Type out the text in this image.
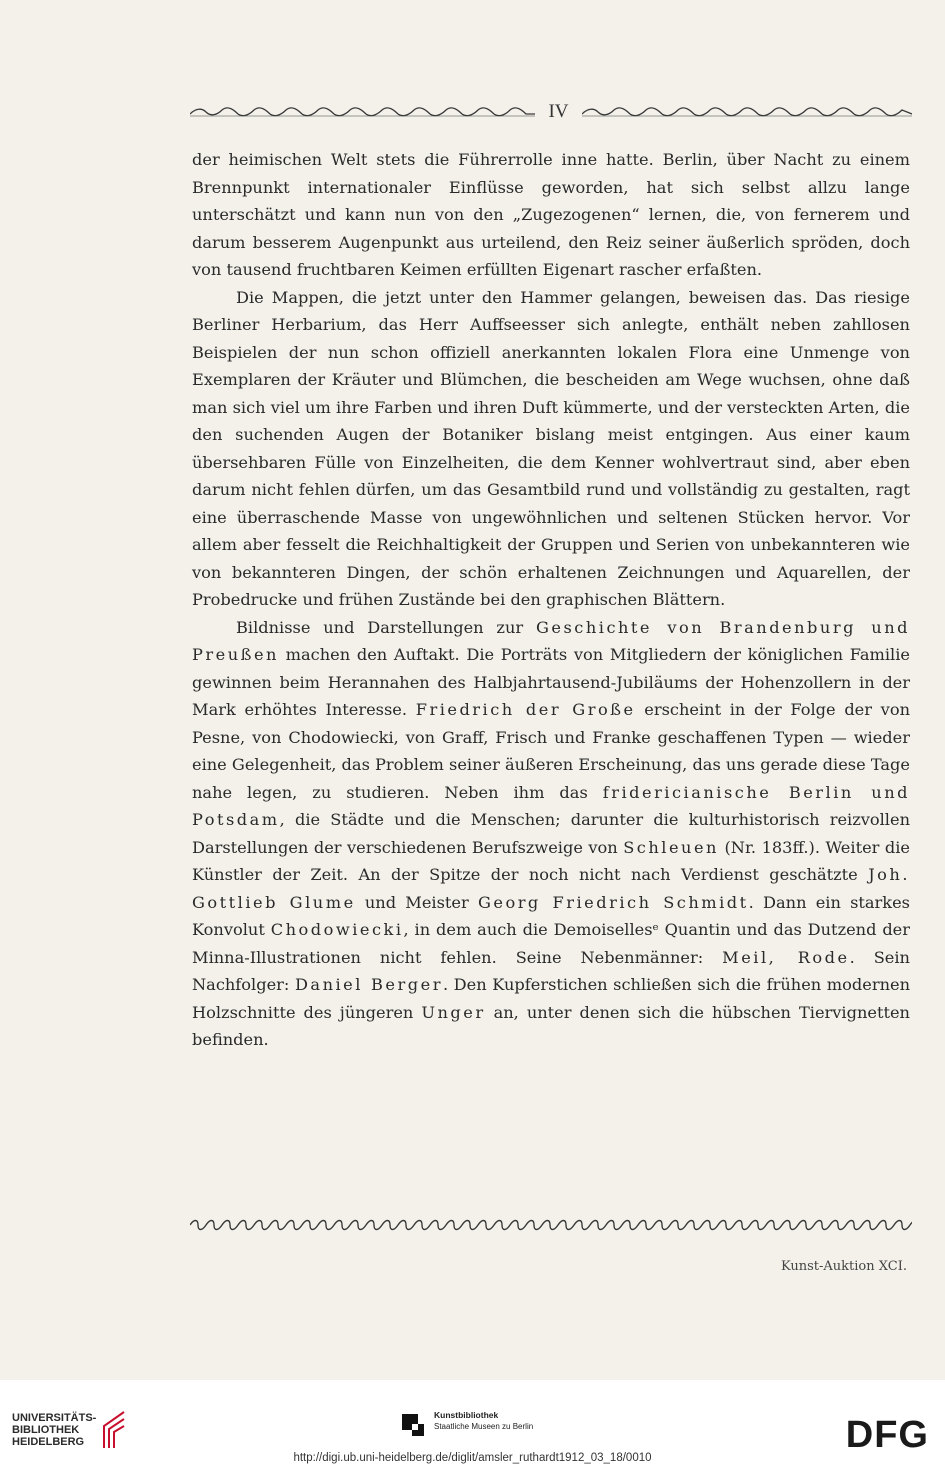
IV

der heimischen Welt stets die Führerrolle inne hatte. Berlin, über Nacht zu einem Brennpunkt internationaler Einflüsse geworden, hat sich selbst allzu lange unterschätzt und kann nun von den „Zugezogenen“ lernen, die, von fernerem und darum besserem Augenpunkt aus urteilend, den Reiz seiner äußerlich spröden, doch von tausend fruchtbaren Keimen erfüllten Eigenart rascher erfaßten.

Die Mappen, die jetzt unter den Hammer gelangen, beweisen das. Das riesige Berliner Herbarium, das Herr Auffseesser sich anlegte, enthält neben zahllosen Beispielen der nun schon offiziell anerkannten lokalen Flora eine Unmenge von Exemplaren der Kräuter und Blümchen, die bescheiden am Wege wuchsen, ohne daß man sich viel um ihre Farben und ihren Duft kümmerte, und der versteckten Arten, die den suchenden Augen der Botaniker bislang meist entgingen. Aus einer kaum übersehbaren Fülle von Einzelheiten, die dem Kenner wohlvertraut sind, aber eben darum nicht fehlen dürfen, um das Gesamtbild rund und vollständig zu gestalten, ragt eine überraschende Masse von ungewöhnlichen und seltenen Stücken hervor. Vor allem aber fesselt die Reichhaltigkeit der Gruppen und Serien von unbekannteren wie von bekannteren Dingen, der schön erhaltenen Zeichnungen und Aquarellen, der Probedrucke und frühen Zustände bei den graphischen Blättern.

Bildnisse und Darstellungen zur Geschichte von Brandenburg und Preußen machen den Auftakt. Die Porträts von Mitgliedern der königlichen Familie gewinnen beim Herannahen des Halbjahrtausend-Jubiläums der Hohenzollern in der Mark erhöhtes Interesse. Friedrich der Große erscheint in der Folge der von Pesne, von Chodowiecki, von Graff, Frisch und Franke geschaffenen Typen — wieder eine Gelegenheit, das Problem seiner äußeren Erscheinung, das uns gerade diese Tage nahe legen, zu studieren. Neben ihm das fridericianische Berlin und Potsdam, die Städte und die Menschen; darunter die kulturhistorisch reizvollen Darstellungen der verschiedenen Berufszweige von Schleuen (Nr. 183ff.). Weiter die Künstler der Zeit. An der Spitze der noch nicht nach Verdienst geschätzte Joh. Gottlieb Glume und Meister Georg Friedrich Schmidt. Dann ein starkes Konvolut Chodowiecki, in dem auch die Demoisellesᵉ Quantin und das Dutzend der Minna-Illustrationen nicht fehlen. Seine Nebenmänner: Meil, Rode. Sein Nachfolger: Daniel Berger. Den Kupferstichen schließen sich die frühen modernen Holzschnitte des jüngeren Unger an, unter denen sich die hübschen Tiervignetten befinden.

Kunst-Auktion XCI.
UNIVERSITÄTS-
BIBLIOTHEK
HEIDELBERG
Kunstbibliothek
Staatliche Museen zu Berlin	DFG
http://digi.ub.uni-heidelberg.de/diglit/amsler_ruthardt1912_03_18/0010
